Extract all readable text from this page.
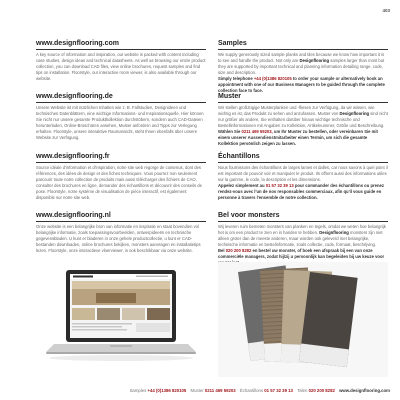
403
www.designflooring.com

A key source of information and inspiration, our website is packed with content including case studies, design ideas and technical datasheets. As well as browsing our entire product collection, you can download CAD files, view online brochures, request samples and find tips on installation. Floorstyle, our interactive room viewer, is also available through our website.

Samples

We supply generously sized sample planks and tiles because we know how important it is to see and handle the product. Not only are Designflooring samples larger than most but they are supported by important technical and planning information detailing range, code, size and description.

Simply telephone +44 (0)1386 820105 to order your sample or alternatively book an appointment with one of our Business Managers to be guided through the complete collection face to face.

www.designflooring.de

Unsere Website ist mit nützlichen Inhalten wie z. B. Fallstudien, Designideen und technischen Datenblättern, eine wichtige Informations- und Inspirationsquelle. Hier können Sie nicht nur unsere gesamte Produktkollektion durchstöbern, sondern auch CAD-Dateien herunterladen, Online-Broschüren ansehen, Muster anfordern und Tipps zur Verlegung erhalten. Floorstyle, unsere interaktive Raumansicht, steht Ihnen ebenfalls über unsere Website zur Verfügung.

Muster

Wir stellen großzügige Musterplanken und -fliesen zur Verfügung, da wir wissen, wie wichtig es ist, das Produkt zu sehen und anzufassen. Muster von Designflooring sind nicht nur größer als andere, Sie enthalten darüber hinaus wichtige technische und Bestellinformationen mit Angaben zu Kollektion, Artikelnummer, Größe und Beschreibung.

Wählen Sie 0211 469 59203, um Ihr Muster zu bestellen, oder vereinbaren Sie mit einem unserer Aussendienstmitarbeiter einen Termin, um sich die gesamte Kollektion persönlich zeigen zu lassen.

www.designflooring.fr

Source idéale d'information et d'inspiration, notre site web regorge de contenus, dont des références, des idées de design et des fiches techniques. Vous pourrez non seulement parcourir toute notre collection de produits mais aussi télécharger des fichiers de CAO, consulter des brochures en ligne, demander des échantillons et découvrir des conseils de pose. Floorstyle, notre système de visualisation de pièce interactif, est également disponible sur notre site web.

Échantillons

Nous fournissons des échantillons de larges lames et dalles, car nous savons à quel point il est important de pouvoir voir et manipuler le produit. Ils offrent aussi des informations utiles sur la gamme, le code, la description et les dimensions.

Appelez simplement au 01 57 32 39 13 pour commander des échantillons ou prenez rendez-vous avec l'un de nos responsables commerciaux, afin qu'il vous guide en personne à travers l'ensemble de notre collection.

www.designflooring.nl

Onze website is een belangrijke bron van informatie en inspiratie en staat bovendien vol belangrijke informatie, zoals toepassingsvoorbeelden, ontwerpideeën en technische gegevensbladen. U kunt er bladeren in onze gehele productcollectie, u kunt er CAD-bestanden downloaden, online brochures bekijken, monsters aanvragen en installatietips lezen. Floorstyle, onze interactieve vloerviewer, is ook beschikbaar via onze website.

Bel voor monsters

Wij leveren ruim bemeten monsters van planken en tegels, omdat we weten hoe belangrijk het is om een product te zien en in handen te hebben. Designflooring monsters zijn niet alleen groter dan de meeste anderen, maar worden ook geleverd met belangrijke, technische informatie en bestelinformatie, zoals collectie, code, formaat, beschrijving.

Bel 020 200 8282 en bestel uw monster, of boek een afspraak bij een van onze commerciële managers, zodat hij/zij u persoonlijk kan begeleiden bij uw keuze voor

Samples +44 (0)1386 820105 Muster 0211 469 59203 Échantillons 01 57 32 39 13 Talen 020 200 8282 www.designflooring.com
